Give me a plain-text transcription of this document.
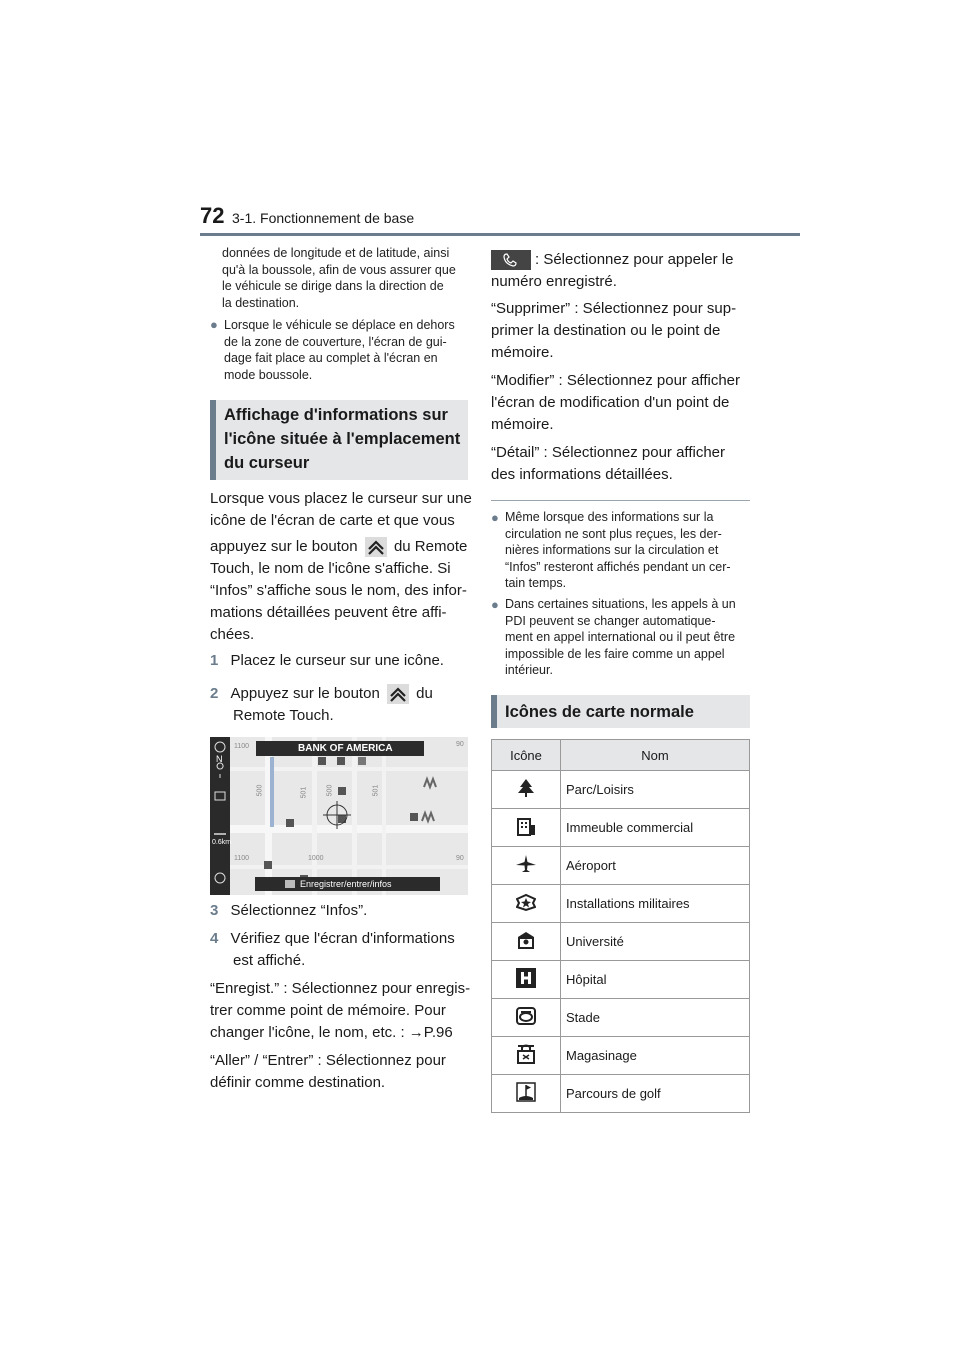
72 3-1. Fonctionnement de base
données de longitude et de latitude, ainsi
qu'à la boussole, afin de vous assurer que
le véhicule se dirige dans la direction de
la destination.
● Lorsque le véhicule se déplace en dehors
de la zone de couverture, l'écran de gui-
dage fait place au complet à l'écran en
mode boussole.
Affichage d'informations sur
l'icône située à l'emplacement
du curseur
Lorsque vous placez le curseur sur une
icône de l'écran de carte et que vous
appuyez sur le bouton du Remote
Touch, le nom de l'icône s'affiche. Si
“Infos” s'affiche sous le nom, des infor-
mations détaillées peuvent être affi-
chées.
1 Placez le curseur sur une icône.
2 Appuyez sur le bouton du
Remote Touch.
BANK OF AMERICA
Enregistrer/entrer/infos
N
0.6km
1100
500	501	500	501
1100	1000
90
90
3 Sélectionnez “Infos”.
4 Vérifiez que l'écran d'informations
est affiché.
“Enregist.” : Sélectionnez pour enregis-
trer comme point de mémoire. Pour
changer l'icône, le nom, etc. : →P.96
“Aller” / “Entrer” : Sélectionnez pour
définir comme destination.
: Sélectionnez pour appeler le
numéro enregistré.
“Supprimer” : Sélectionnez pour sup-
primer la destination ou le point de
mémoire.
“Modifier” : Sélectionnez pour afficher
l'écran de modification d'un point de
mémoire.
“Détail” : Sélectionnez pour afficher
des informations détaillées.
● Même lorsque des informations sur la
circulation ne sont plus reçues, les der-
nières informations sur la circulation et
“Infos” resteront affichés pendant un cer-
tain temps.
● Dans certaines situations, les appels à un
PDI peuvent se changer automatique-
ment en appel international ou il peut être
impossible de les faire comme un appel
intérieur.
Icônes de carte normale
Icône	Nom
	Parc/Loisirs
	Immeuble commercial
	Aéroport
	Installations militaires
	Université
	Hôpital
	Stade
	Magasinage
	Parcours de golf
